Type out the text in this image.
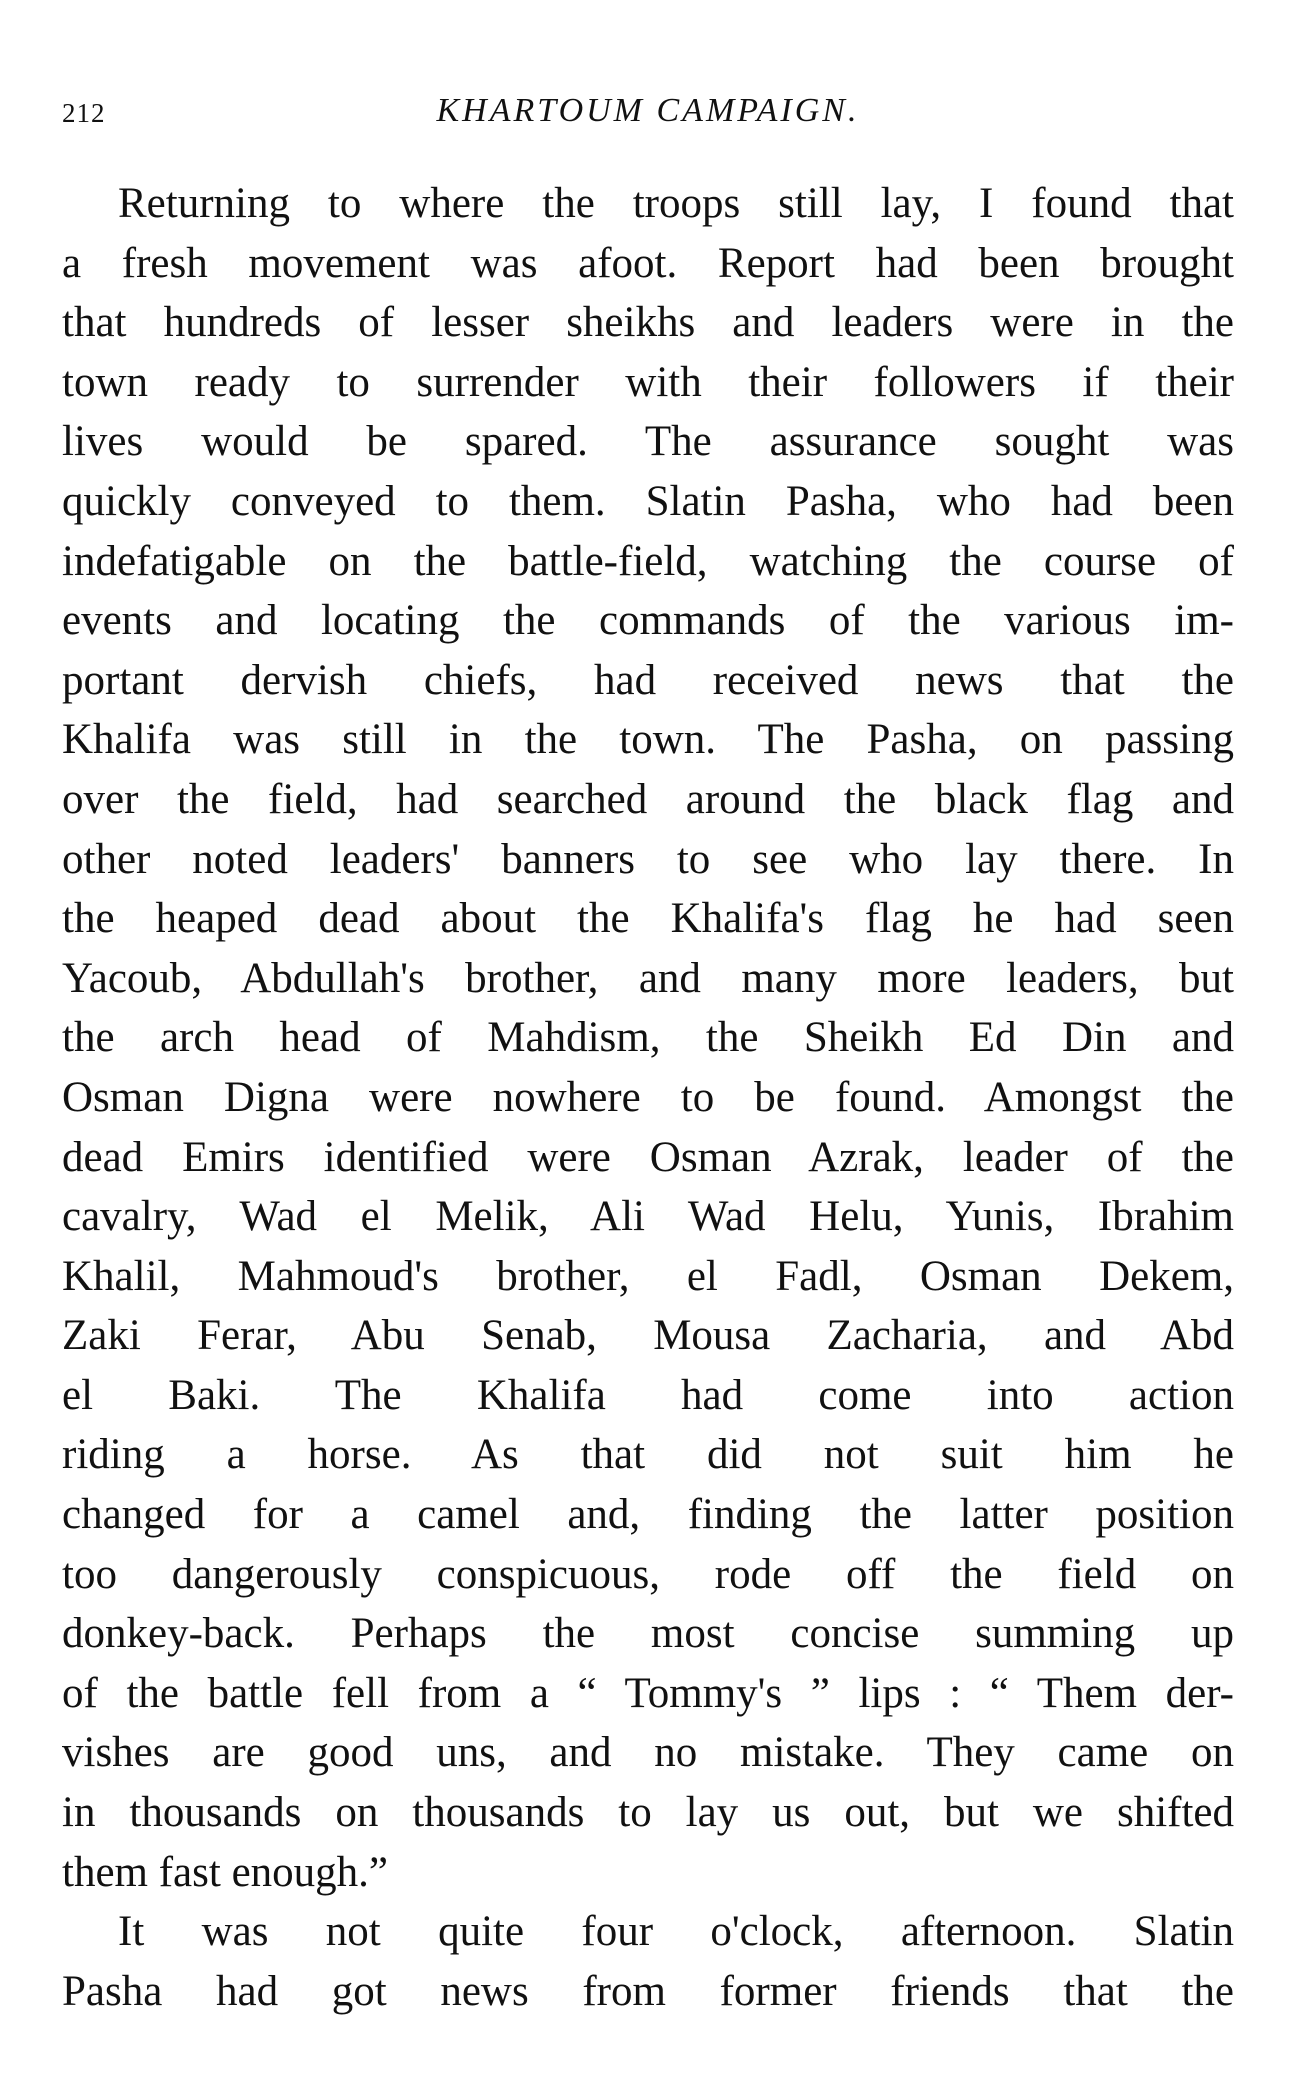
212	KHARTOUM CAMPAIGN.
Returning to where the troops still lay, I found that
a fresh movement was afoot. Report had been brought
that hundreds of lesser sheikhs and leaders were in the
town ready to surrender with their followers if their
lives would be spared. The assurance sought was
quickly conveyed to them. Slatin Pasha, who had been
indefatigable on the battle-field, watching the course of
events and locating the commands of the various im-
portant dervish chiefs, had received news that the
Khalifa was still in the town. The Pasha, on passing
over the field, had searched around the black flag and
other noted leaders' banners to see who lay there. In
the heaped dead about the Khalifa's flag he had seen
Yacoub, Abdullah's brother, and many more leaders, but
the arch head of Mahdism, the Sheikh Ed Din and
Osman Digna were nowhere to be found. Amongst the
dead Emirs identified were Osman Azrak, leader of the
cavalry, Wad el Melik, Ali Wad Helu, Yunis, Ibrahim
Khalil, Mahmoud's brother, el Fadl, Osman Dekem,
Zaki Ferar, Abu Senab, Mousa Zacharia, and Abd
el Baki. The Khalifa had come into action
riding a horse. As that did not suit him he
changed for a camel and, finding the latter position
too dangerously conspicuous, rode off the field on
donkey-back. Perhaps the most concise summing up
of the battle fell from a “ Tommy's ” lips : “ Them der-
vishes are good uns, and no mistake. They came on
in thousands on thousands to lay us out, but we shifted
them fast enough.”
It was not quite four o'clock, afternoon. Slatin
Pasha had got news from former friends that the
